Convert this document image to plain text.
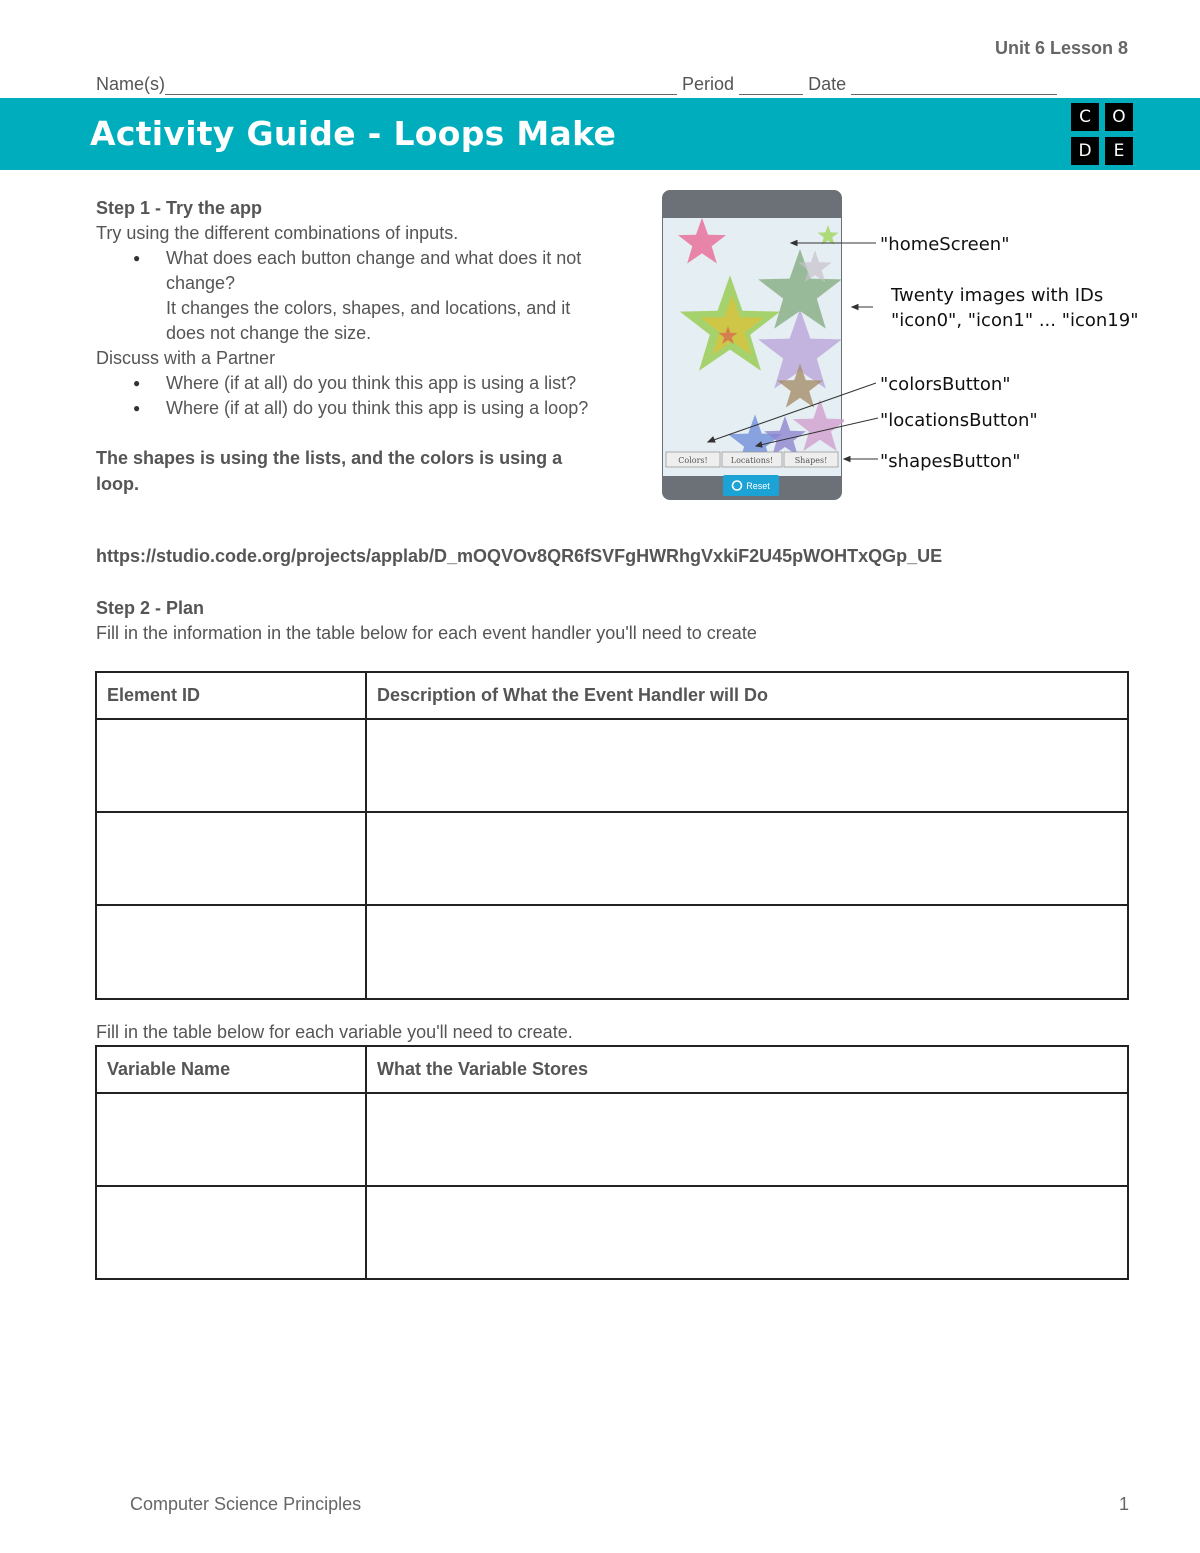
Unit 6 Lesson 8
Name(s)	Period	Date
Activity Guide - Loops Make	C	O
D	E
Step 1 - Try the app
Try using the different combinations of inputs.
● What does each button change and what does it not
change?
It changes the colors, shapes, and locations, and it
does not change the size.
Discuss with a Partner
● Where (if at all) do you think this app is using a list?
● Where (if at all) do you think this app is using a loop?
The shapes is using the lists, and the colors is using a
loop.
Colors!	Locations!	Shapes!
Reset
"homeScreen"
Twenty images with IDs
"icon0", "icon1" ... "icon19"
"colorsButton"
"locationsButton"
"shapesButton"
https://studio.code.org/projects/applab/D_mOQVOv8QR6fSVFgHWRhgVxkiF2U45pWOHTxQGp_UE
Step 2 - Plan
Fill in the information in the table below for each event handler you'll need to create
Element ID	Description of What the Event Handler will Do

Fill in the table below for each variable you'll need to create.
Variable Name	What the Variable Stores

Computer Science Principles	1
